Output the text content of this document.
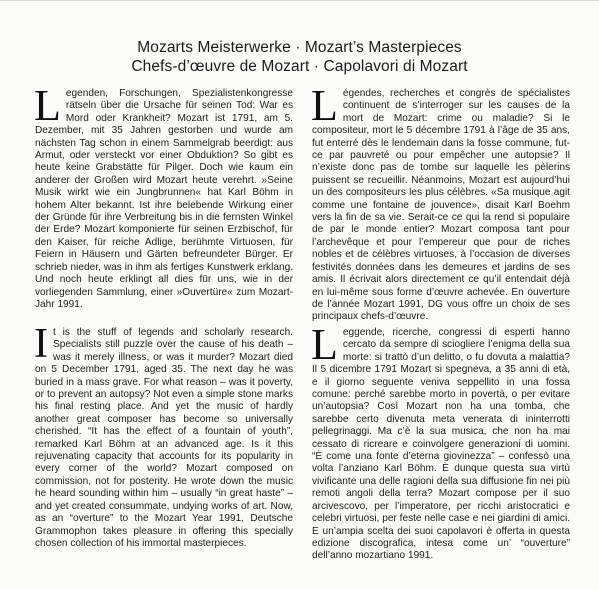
Mozarts Meisterwerke · Mozart’s Masterpieces
Chefs-d’œuvre de Mozart · Capolavori di Mozart
L egenden, Forschungen, Spezialistenkongresse rätseln über die Ursache für seinen Tod: War es Mord oder Krankheit? Mozart ist 1791, am 5. Dezember, mit 35 Jahren gestorben und wurde am nächsten Tag schon in einem Sammelgrab beerdigt: aus Armut, oder versteckt vor einer Obduktion? So gibt es heute keine Grabstätte für Pilger. Doch wie kaum ein anderer der Großen wird Mozart heute verehrt. »Seine Musik wirkt wie ein Jungbrunnen« hat Karl Böhm in hohem Alter bekannt. Ist ihre belebende Wirkung einer der Gründe für ihre Verbreitung bis in die fernsten Winkel der Erde? Mozart komponierte für seinen Erzbischof, für den Kaiser, für reiche Adlige, berühmte Virtuosen, für Feiern in Häusern und Gärten befreundeter Bürger. Er schrieb nieder, was in ihm als fertiges Kunstwerk erklang. Und noch heute erklingt all dies für uns, wie in der vorliegenden Sammlung, einer »Ouvertüre« zum Mozart-Jahr 1991.
L égendes, recherches et congrès de spécialistes continuent de s’interroger sur les causes de la mort de Mozart: crime ou maladie? Si le compositeur, mort le 5 décembre 1791 à l’âge de 35 ans, fut enterré dès le lendemain dans la fosse commune, fut-ce par pauvreté ou pour empêcher une autopsie? Il n’existe donc pas de tombe sur laquelle les pèlerins puissent se recueillir. Néanmoins, Mozart est aujourd’hui un des compositeurs les plus célèbres. «Sa musique agit comme une fontaine de jouvence», disait Karl Boehm vers la fin de sa vie. Serait-ce ce qui la rend si populaire de par le monde entier? Mozart composa tant pour l’archevêque et pour l’empereur que pour de riches nobles et de célèbres virtuoses, à l’occasion de diverses festivités données dans les demeures et jardins de ses amis. Il écrivait alors directement ce qu’il entendait déjà en lui-même sous forme d’œuvre achevée. En ouverture de l’année Mozart 1991, DG vous offre un choix de ses principaux chefs-d’œuvre.
I t is the stuff of legends and scholarly research. Specialists still puzzle over the cause of his death – was it merely illness, or was it murder? Mozart died on 5 December 1791, aged 35. The next day he was buried in a mass grave. For what reason – was it poverty, or to prevent an autopsy? Not even a simple stone marks his final resting place. And yet the music of hardly another great composer has become so universally cherished. “It has the effect of a fountain of youth”, remarked Karl Böhm at an advanced age. Is it this rejuvenating capacity that accounts for its popularity in every corner of the world? Mozart composed on commission, not for posterity. He wrote down the music he heard sounding within him – usually “in great haste” – and yet created consummate, undying works of art. Now, as an “overture” to the Mozart Year 1991, Deutsche Grammophon takes pleasure in offering this specially chosen collection of his immortal masterpieces.
L eggende, ricerche, congressi di esperti hanno cercato da sempre di sciogliere l’enigma della sua morte: si trattò d’un delitto, o fu dovuta a malattia? Il 5 dicembre 1791 Mozart si spegneva, a 35 anni di età, e il giorno seguente veniva seppellito in una fossa comune: perché sarebbe morto in povertà, o per evitare un’autopsia? Così Mozart non ha una tomba, che sarebbe certo divenuta meta venerata di ininterrotti pellegrinaggi. Ma c’è la sua musica, che non ha mai cessato di ricreare e coinvolgere generazioni di uomini. “È come una fonte d’eterna giovinezza” – confessò una volta l’anziano Karl Böhm. È dunque questa sua virtù vivificante una delle ragioni della sua diffusione fin nei più remoti angoli della terra? Mozart compose per il suo arcivescovo, per l’imperatore, per ricchi aristocratici e celebri virtuosi, per feste nelle case e nei giardini di amici. E un’ampia scelta dei suoi capolavori è offerta in questa edizione discografica, intesa come un’ “ouverture” dell’anno mozartiano 1991.
